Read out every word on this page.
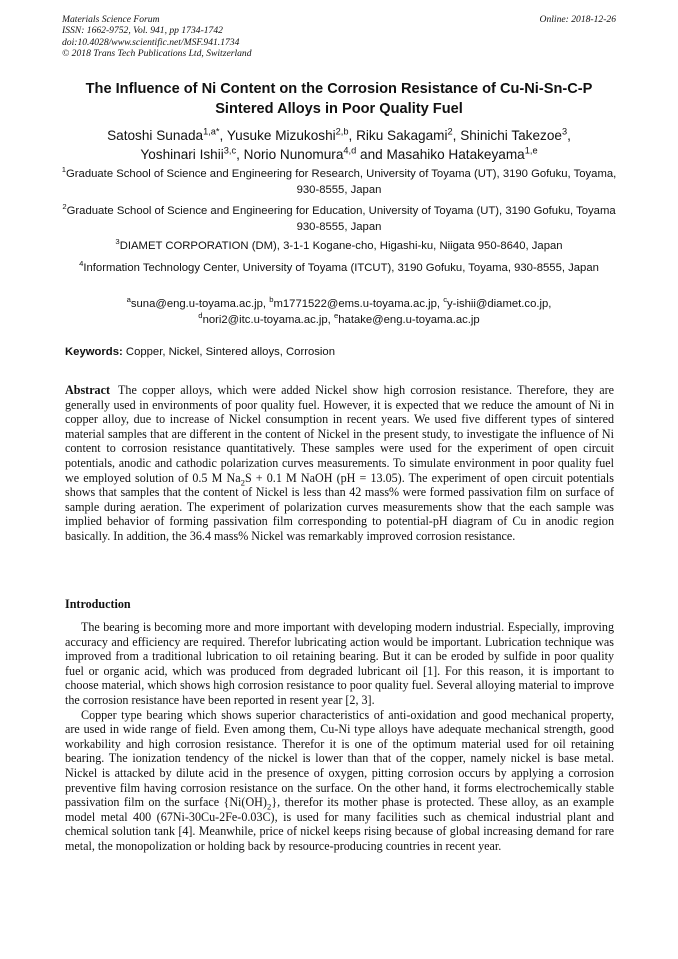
Materials Science Forum
ISSN: 1662-9752, Vol. 941, pp 1734-1742
doi:10.4028/www.scientific.net/MSF.941.1734
© 2018 Trans Tech Publications Ltd, Switzerland
Online: 2018-12-26
The Influence of Ni Content on the Corrosion Resistance of Cu-Ni-Sn-C-P
Sintered Alloys in Poor Quality Fuel
Satoshi Sunada$^{1,a*}$, Yusuke Mizukoshi$^{2,b}$, Riku Sakagami$^2$, Shinichi Takezoe$^3$,
Yoshinari Ishii$^{3,c}$, Norio Nunomura$^{4,d}$ and Masahiko Hatakeyama$^{1,e}$
$^1$Graduate School of Science and Engineering for Research, University of Toyama (UT), 3190 Gofuku, Toyama, 930-8555, Japan
$^2$Graduate School of Science and Engineering for Education, University of Toyama (UT), 3190 Gofuku, Toyama 930-8555, Japan
$^3$DIAMET CORPORATION (DM), 3-1-1 Kogane-cho, Higashi-ku, Niigata 950-8640, Japan
$^4$Information Technology Center, University of Toyama (ITCUT), 3190 Gofuku, Toyama, 930-8555, Japan
$^a$suna@eng.u-toyama.ac.jp, $^b$m1771522@ems.u-toyama.ac.jp, $^c$y-ishii@diamet.co.jp,
$^d$nori2@itc.u-toyama.ac.jp, $^e$hatake@eng.u-toyama.ac.jp
Keywords: Copper, Nickel, Sintered alloys, Corrosion
Abstract The copper alloys, which were added Nickel show high corrosion resistance. Therefore, they are generally used in environments of poor quality fuel. However, it is expected that we reduce the amount of Ni in copper alloy, due to increase of Nickel consumption in recent years. We used five different types of sintered material samples that are different in the content of Nickel in the present study, to investigate the influence of Ni content to corrosion resistance quantitatively. These samples were used for the experiment of open circuit potentials, anodic and cathodic polarization curves measurements. To simulate environment in poor quality fuel we employed solution of 0.5 M $Na_2S + 0.1$ M NaOH (pH = 13.05). The experiment of open circuit potentials shows that samples that the content of Nickel is less than 42 mass% were formed passivation film on surface of sample during aeration. The experiment of polarization curves measurements show that the each sample was implied behavior of forming passivation film corresponding to potential-pH diagram of Cu in anodic region basically. In addition, the 36.4 mass% Nickel was remarkably improved corrosion resistance.
Introduction

The bearing is becoming more and more important with developing modern industrial. Especially, improving accuracy and efficiency are required. Therefor lubricating action would be important. Lubrication technique was improved from a traditional lubrication to oil retaining bearing. But it can be eroded by sulfide in poor quality fuel or organic acid, which was produced from degraded lubricant oil [1]. For this reason, it is important to choose material, which shows high corrosion resistance to poor quality fuel. Several alloying material to improve the corrosion resistance have been reported in resent year [2, 3].

Copper type bearing which shows superior characteristics of anti-oxidation and good mechanical property, are used in wide range of field. Even among them, Cu-Ni type alloys have adequate mechanical strength, good workability and high corrosion resistance. Therefor it is one of the optimum material used for oil retaining bearing. The ionization tendency of the nickel is lower than that of the copper, namely nickel is base metal. Nickel is attacked by dilute acid in the presence of oxygen, pitting corrosion occurs by applying a corrosion preventive film having corrosion resistance on the surface. On the other hand, it forms electrochemically stable passivation film on the surface $\{Ni(OH)_2\}$, therefor its mother phase is protected. These alloy, as an example model metal 400 (67Ni-30Cu-2Fe-0.03C), is used for many facilities such as chemical industrial plant and chemical solution tank [4]. Meanwhile, price of nickel keeps rising because of global increasing demand for rare metal, the monopolization or holding back by resource-producing countries in recent year.
